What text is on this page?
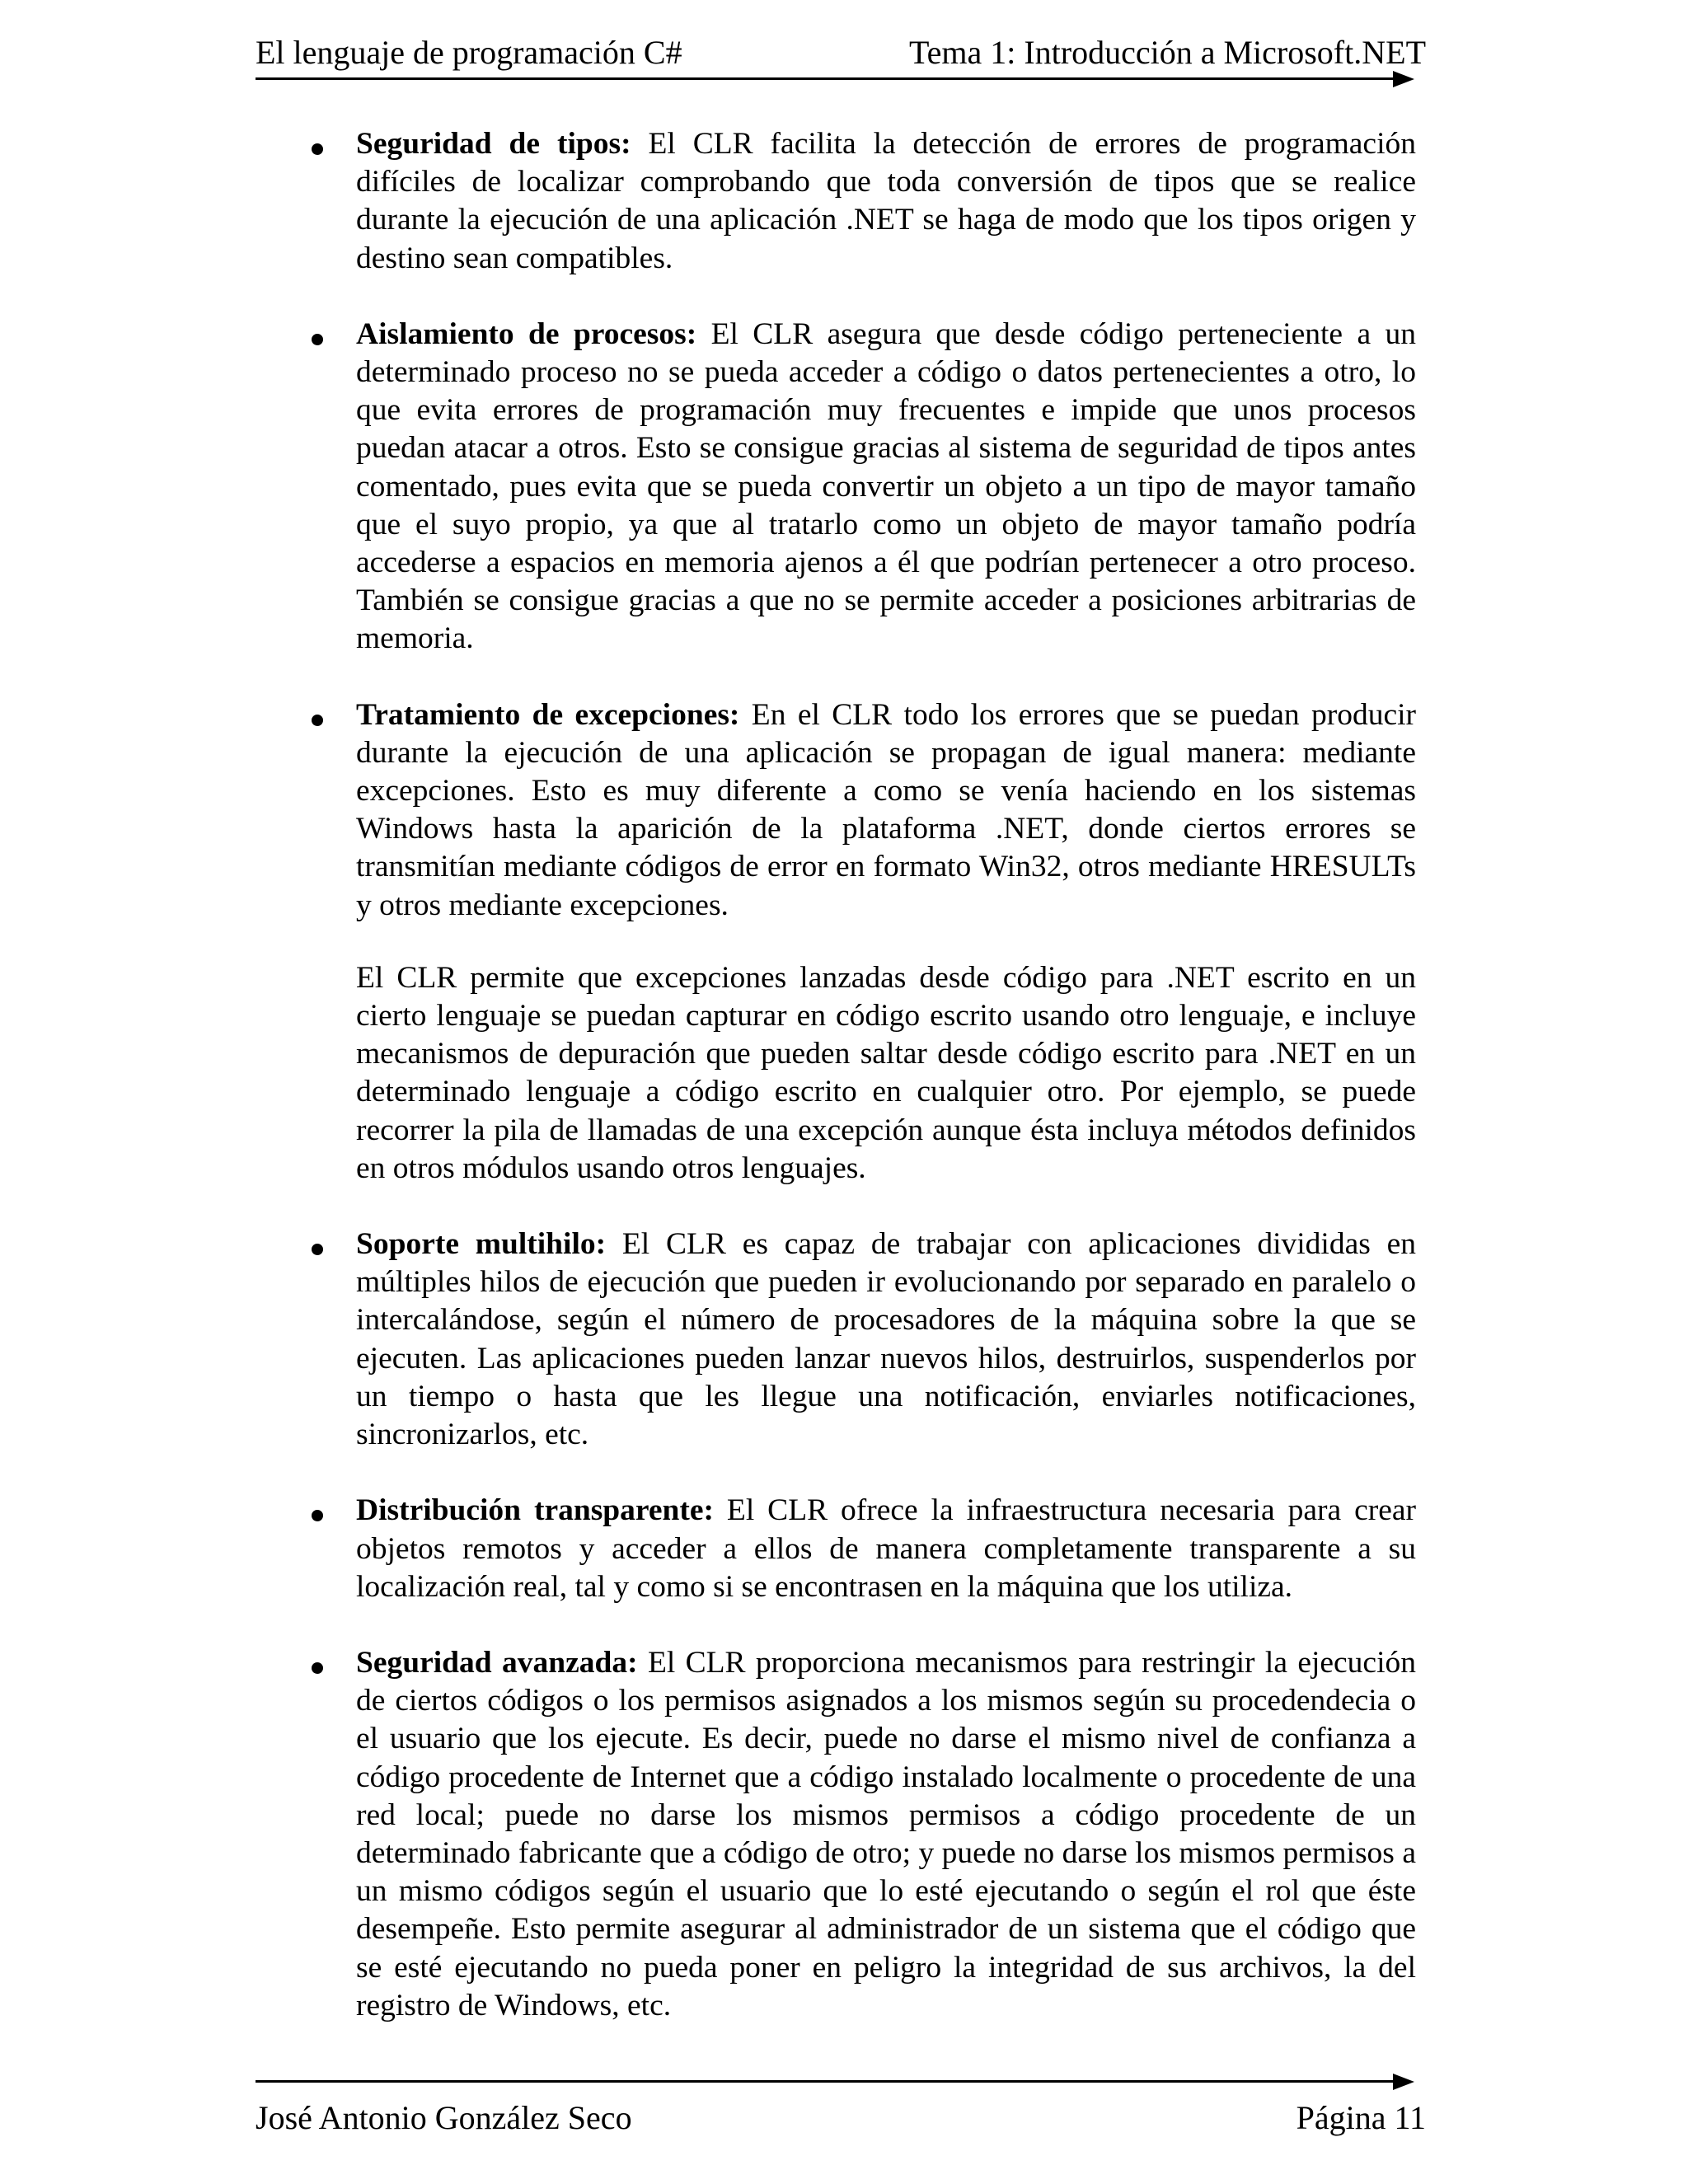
El lenguaje de programación C#	Tema 1: Introducción a Microsoft.NET

Seguridad de tipos: El CLR facilita la detección de errores de programación difíciles de localizar comprobando que toda conversión de tipos que se realice durante la ejecución de una aplicación .NET se haga de modo que los tipos origen y destino sean compatibles.

Aislamiento de procesos: El CLR asegura que desde código perteneciente a un determinado proceso no se pueda acceder a código o datos pertenecientes a otro, lo que evita errores de programación muy frecuentes e impide que unos procesos puedan atacar a otros. Esto se consigue gracias al sistema de seguridad de tipos antes comentado, pues evita que se pueda convertir un objeto a un tipo de mayor tamaño que el suyo propio, ya que al tratarlo como un objeto de mayor tamaño podría accederse a espacios en memoria ajenos a él que podrían pertenecer a otro proceso. También se consigue gracias a que no se permite acceder a posiciones arbitrarias de memoria.

Tratamiento de excepciones: En el CLR todo los errores que se puedan producir durante la ejecución de una aplicación se propagan de igual manera: mediante excepciones. Esto es muy diferente a como se venía haciendo en los sistemas Windows hasta la aparición de la plataforma .NET, donde ciertos errores se transmitían mediante códigos de error en formato Win32, otros mediante HRESULTs y otros mediante excepciones.

El CLR permite que excepciones lanzadas desde código para .NET escrito en un cierto lenguaje se puedan capturar en código escrito usando otro lenguaje, e incluye mecanismos de depuración que pueden saltar desde código escrito para .NET en un determinado lenguaje a código escrito en cualquier otro. Por ejemplo, se puede recorrer la pila de llamadas de una excepción aunque ésta incluya métodos definidos en otros módulos usando otros lenguajes.

Soporte multihilo: El CLR es capaz de trabajar con aplicaciones divididas en múltiples hilos de ejecución que pueden ir evolucionando por separado en paralelo o intercalándose, según el número de procesadores de la máquina sobre la que se ejecuten. Las aplicaciones pueden lanzar nuevos hilos, destruirlos, suspenderlos por un tiempo o hasta que les llegue una notificación, enviarles notificaciones, sincronizarlos, etc.

Distribución transparente: El CLR ofrece la infraestructura necesaria para crear objetos remotos y acceder a ellos de manera completamente transparente a su localización real, tal y como si se encontrasen en la máquina que los utiliza.

Seguridad avanzada: El CLR proporciona mecanismos para restringir la ejecución de ciertos códigos o los permisos asignados a los mismos según su procedendecia o el usuario que los ejecute. Es decir, puede no darse el mismo nivel de confianza a código procedente de Internet que a código instalado localmente o procedente de una red local; puede no darse los mismos permisos a código procedente de un determinado fabricante que a código de otro; y puede no darse los mismos permisos a un mismo códigos según el usuario que lo esté ejecutando o según el rol que éste desempeñe. Esto permite asegurar al administrador de un sistema que el código que se esté ejecutando no pueda poner en peligro la integridad de sus archivos, la del registro de Windows, etc.

José Antonio González Seco	Página 11
